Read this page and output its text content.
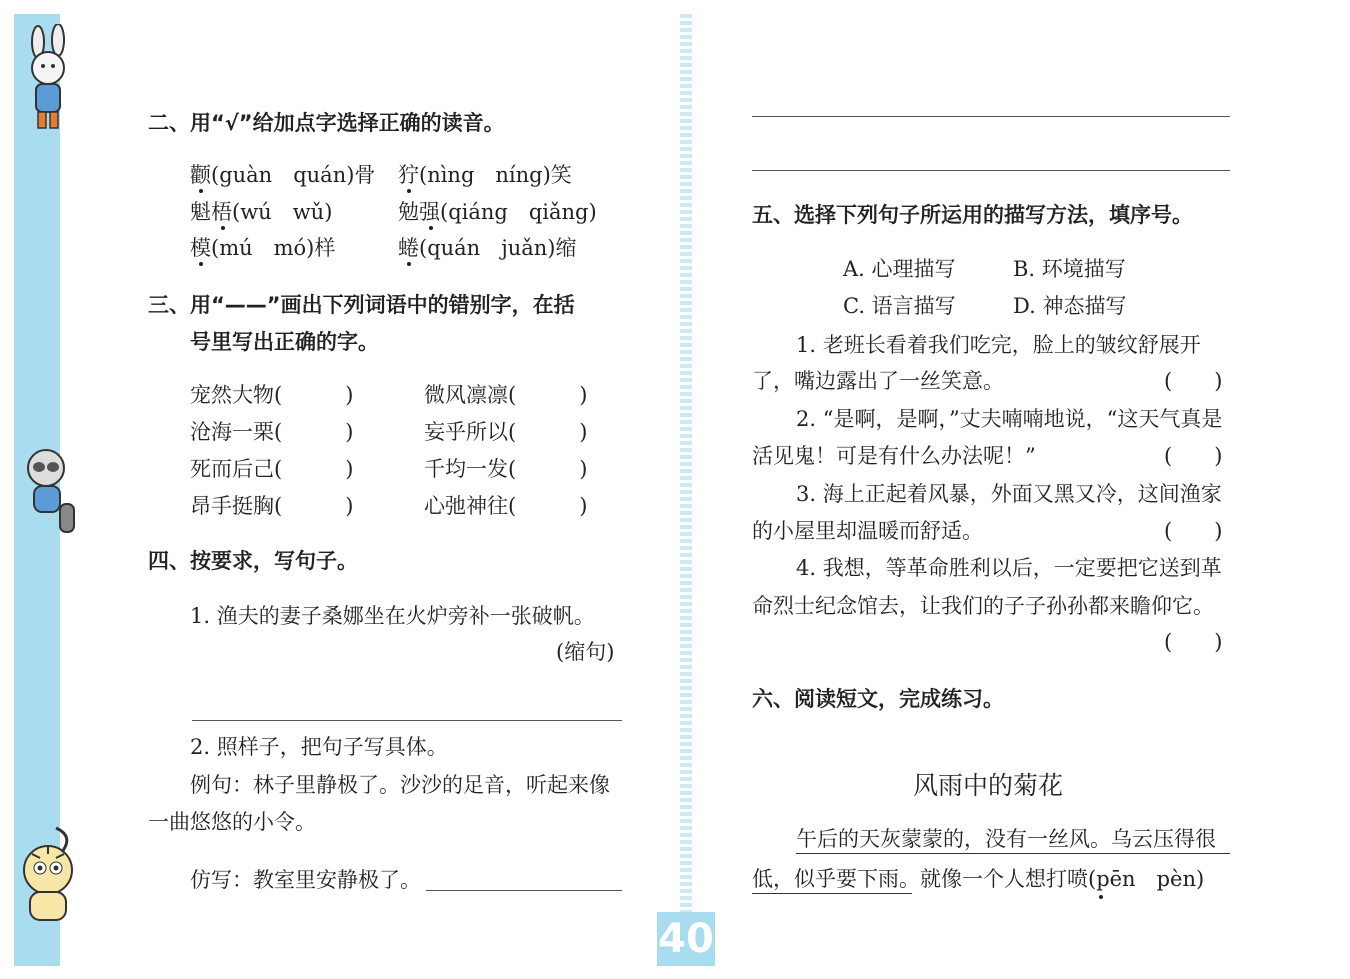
40
二、用“√”给加点字选择正确的读音。
颧(guàn　quán)骨 狞(nìng　níng)笑
魁梧(wú　wǔ)	勉强(qiáng　qiǎng)
模(mú　mó)样	蜷(quán　juǎn)缩
三、用“——”画出下列词语中的错别字，在括
号里写出正确的字。
宠然大物(　　　)	微风凛凛(　　　)
沧海一栗(　　　)	妄乎所以(　　　)
死而后己(　　　)	千均一发(　　　)
昂手挺胸(　　　)	心弛神往(　　　)
四、按要求，写句子。
1. 渔夫的妻子桑娜坐在火炉旁补一张破帆。
(缩句)
2. 照样子，把句子写具体。
例句：林子里静极了。沙沙的足音，听起来像
一曲悠悠的小令。
仿写：教室里安静极了。
五、选择下列句子所运用的描写方法，填序号。
A. 心理描写	B. 环境描写
C. 语言描写	D. 神态描写
1. 老班长看着我们吃完，脸上的皱纹舒展开
了，嘴边露出了一丝笑意。	(　　)
2. “是啊，是啊，”丈夫喃喃地说，“这天气真是
活见鬼！可是有什么办法呢！”	(　　)
3. 海上正起着风暴，外面又黑又冷，这间渔家
的小屋里却温暖而舒适。	(　　)
4. 我想，等革命胜利以后，一定要把它送到革
命烈士纪念馆去，让我们的子子孙孙都来瞻仰它。
(　　)
六、阅读短文，完成练习。
风雨中的菊花
午后的天灰蒙蒙的，没有一丝风。乌云压得很
低，似乎要下雨。就像一个人想打喷(pēn　pèn)
